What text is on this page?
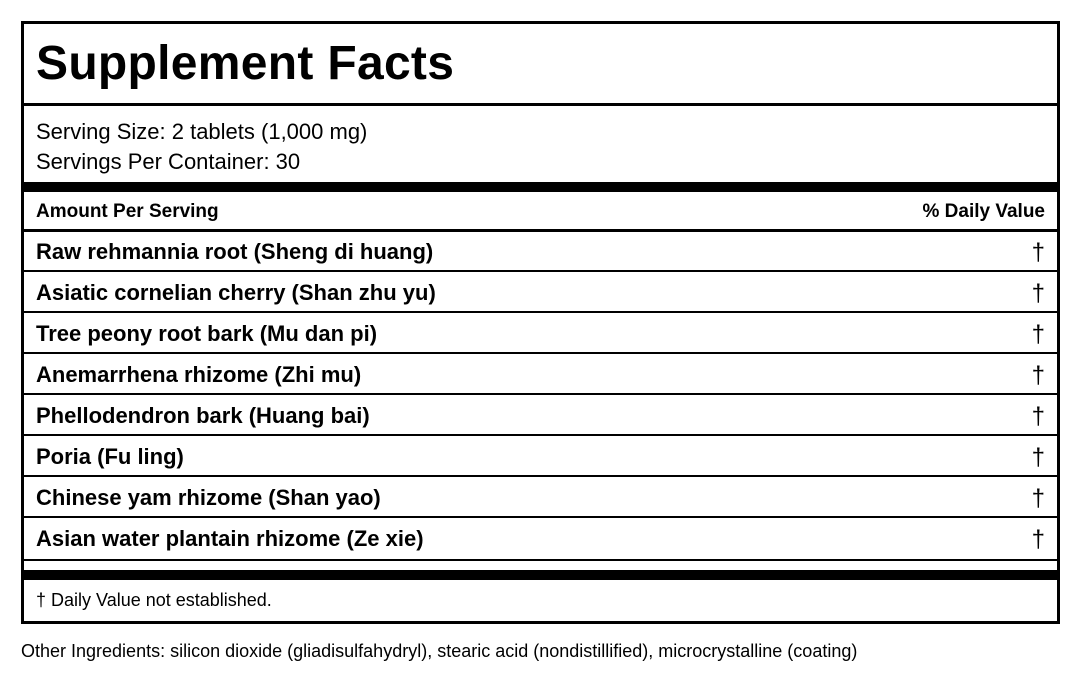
Supplement Facts
Serving Size: 2 tablets (1,000 mg)
Servings Per Container: 30
Amount Per Serving	% Daily Value
Raw rehmannia root (Sheng di huang)	†
Asiatic cornelian cherry (Shan zhu yu)	†
Tree peony root bark (Mu dan pi)	†
Anemarrhena rhizome (Zhi mu)	†
Phellodendron bark (Huang bai)	†
Poria (Fu ling)	†
Chinese yam rhizome (Shan yao)	†
Asian water plantain rhizome (Ze xie)	†
† Daily Value not established.
Other Ingredients: silicon dioxide (gliadisulfahydryl), stearic acid (nondistillified), microcrystalline (coating)
